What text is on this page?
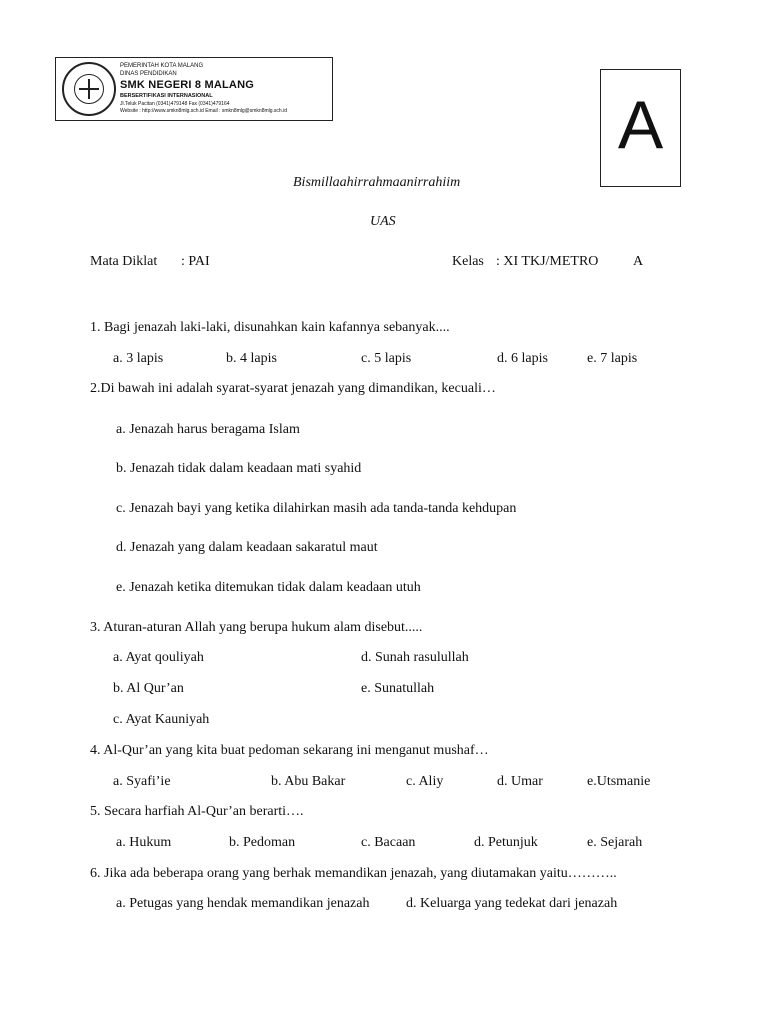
PEMERINTAH KOTA MALANG
DINAS PENDIDIKAN
SMK NEGERI 8 MALANG
BERSERTIFIKASI INTERNASIONAL
Jl.Teluk Pacitan (0341)479148 Fax (0341)479164
Website : http://www.smkn8mlg.sch.id Email : smkn8mlg@smkn8mlg.sch.id	A
Bismillaahirrahmaanirrahiim
UAS
Mata Diklat : PAI	Kelas : XI TKJ/METRO A
1. Bagi jenazah laki-laki, disunahkan kain kafannya sebanyak....
a. 3 lapis	b. 4 lapis	c. 5 lapis	d. 6 lapis	e. 7 lapis
2.Di bawah ini adalah syarat-syarat jenazah yang dimandikan, kecuali…
a. Jenazah harus beragama Islam
b. Jenazah tidak dalam keadaan mati syahid
c. Jenazah bayi yang ketika dilahirkan masih ada tanda-tanda kehdupan
d. Jenazah yang dalam keadaan sakaratul maut
e. Jenazah ketika ditemukan tidak dalam keadaan utuh
3. Aturan-aturan Allah yang berupa hukum alam disebut.....
a. Ayat qouliyah	d. Sunah rasulullah
b. Al Qur’an	e. Sunatullah
c. Ayat Kauniyah
4. Al-Qur’an yang kita buat pedoman sekarang ini menganut mushaf…
a. Syafi’ie	b. Abu Bakar	c. Aliy	d. Umar	e.Utsmanie
5. Secara harfiah Al-Qur’an berarti….
a. Hukum	b. Pedoman	c. Bacaan	d. Petunjuk	e. Sejarah
6. Jika ada beberapa orang yang berhak memandikan jenazah, yang diutamakan yaitu………..
a. Petugas yang hendak memandikan jenazah	d. Keluarga yang tedekat dari jenazah
